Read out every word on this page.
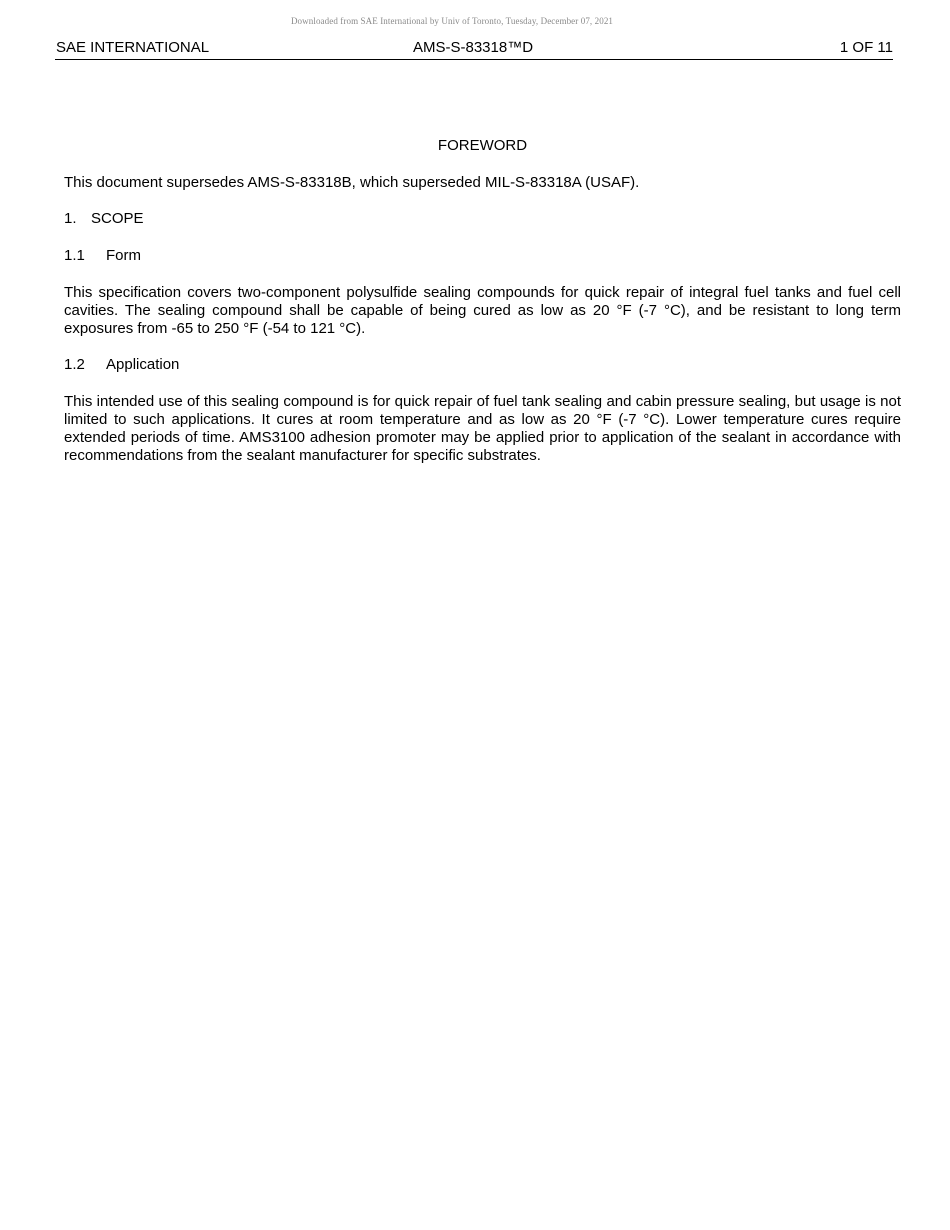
Downloaded from SAE International by Univ of Toronto, Tuesday, December 07, 2021
SAE INTERNATIONAL	AMS-S-83318™D	1 OF 11
FOREWORD

This document supersedes AMS-S-83318B, which superseded MIL-S-83318A (USAF).

1. SCOPE
1.1 Form

This specification covers two-component polysulfide sealing compounds for quick repair of integral fuel tanks and fuel cell cavities. The sealing compound shall be capable of being cured as low as 20 °F (-7 °C), and be resistant to long term exposures from -65 to 250 °F (-54 to 121 °C).

1.2 Application

This intended use of this sealing compound is for quick repair of fuel tank sealing and cabin pressure sealing, but usage is not limited to such applications. It cures at room temperature and as low as 20 °F (-7 °C). Lower temperature cures require extended periods of time. AMS3100 adhesion promoter may be applied prior to application of the sealant in accordance with recommendations from the sealant manufacturer for specific substrates.
